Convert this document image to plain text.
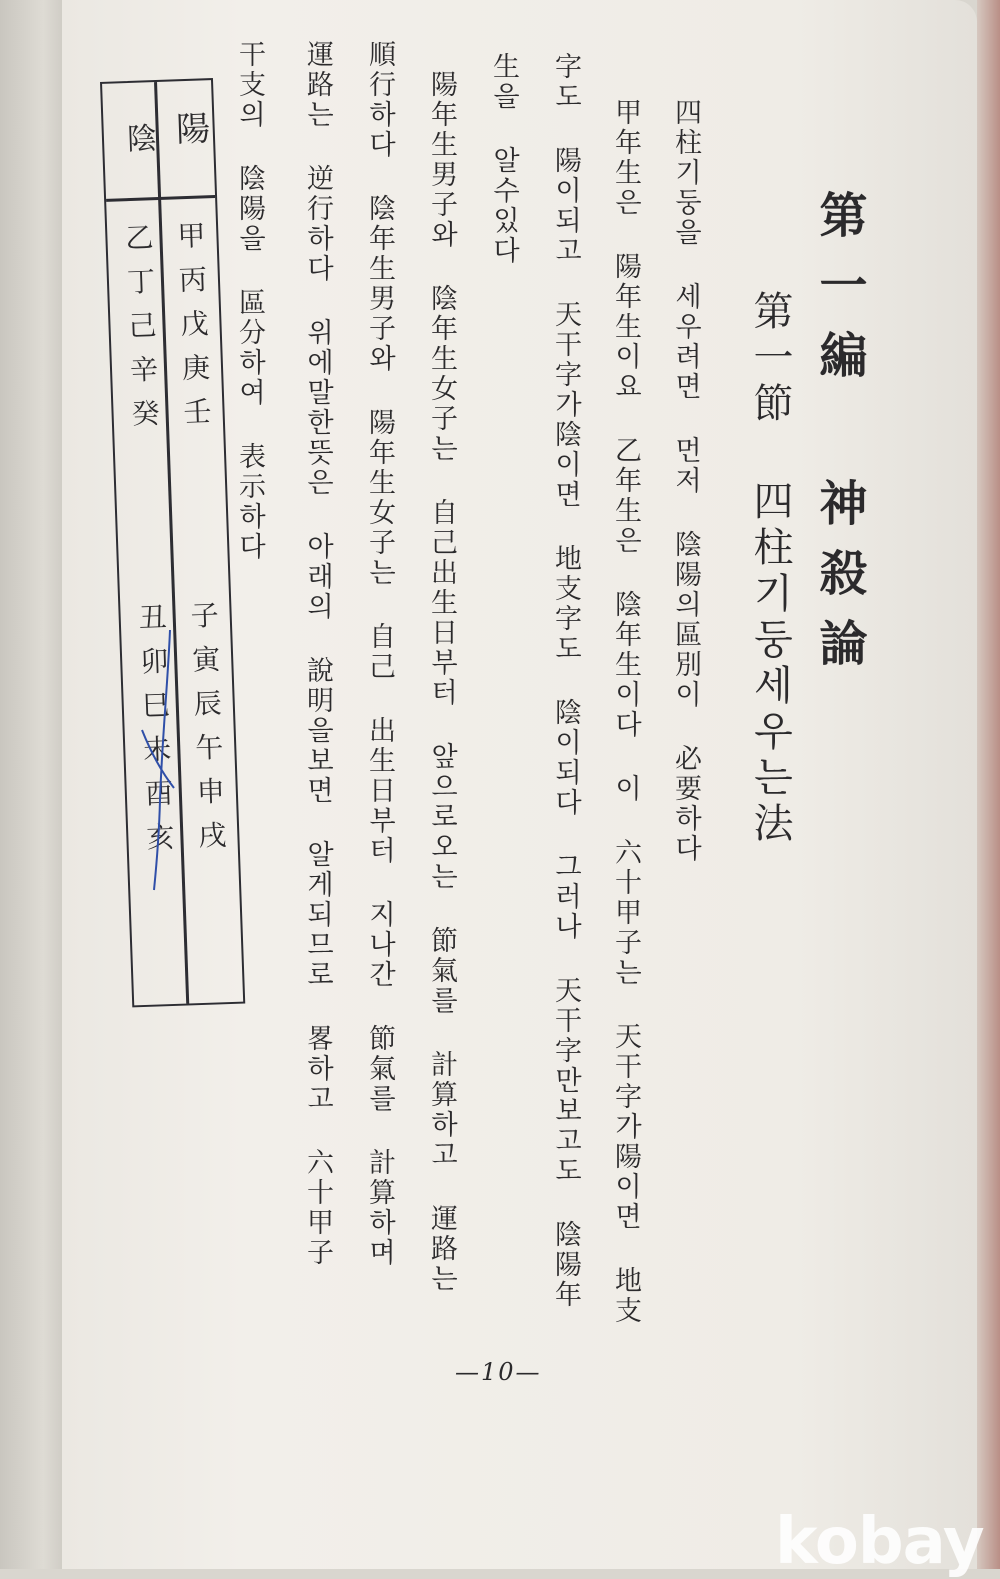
第一編 神殺論
第一節 四柱기둥세우는法
四柱기둥을 세우려면 먼저 陰陽의區別이 必要하다
甲年生은 陽年生이요 乙年生은 陰年生이다 이 六十甲子는 天干字가陽이면 地支
字도 陽이되고 天干字가陰이면 地支字도 陰이되다 그러나 天干字만보고도 陰陽年
生을 알수있다
陽年生男子와 陰年生女子는 自己出生日부터 앞으로오는 節氣를 計算하고 運路는
順行하다 陰年生男子와 陽年生女子는 自己 出生日부터 지나간 節氣를 計算하며
運路는 逆行하다 위에말한뜻은 아래의 說明을보면 알게되므로 畧하고 六十甲子
干支의 陰陽을 區分하여 表示하다
陽
陰
甲丙戊庚壬
子寅辰午申戌
乙丁己辛癸
丑卯巳未酉亥
—10—
kobay
